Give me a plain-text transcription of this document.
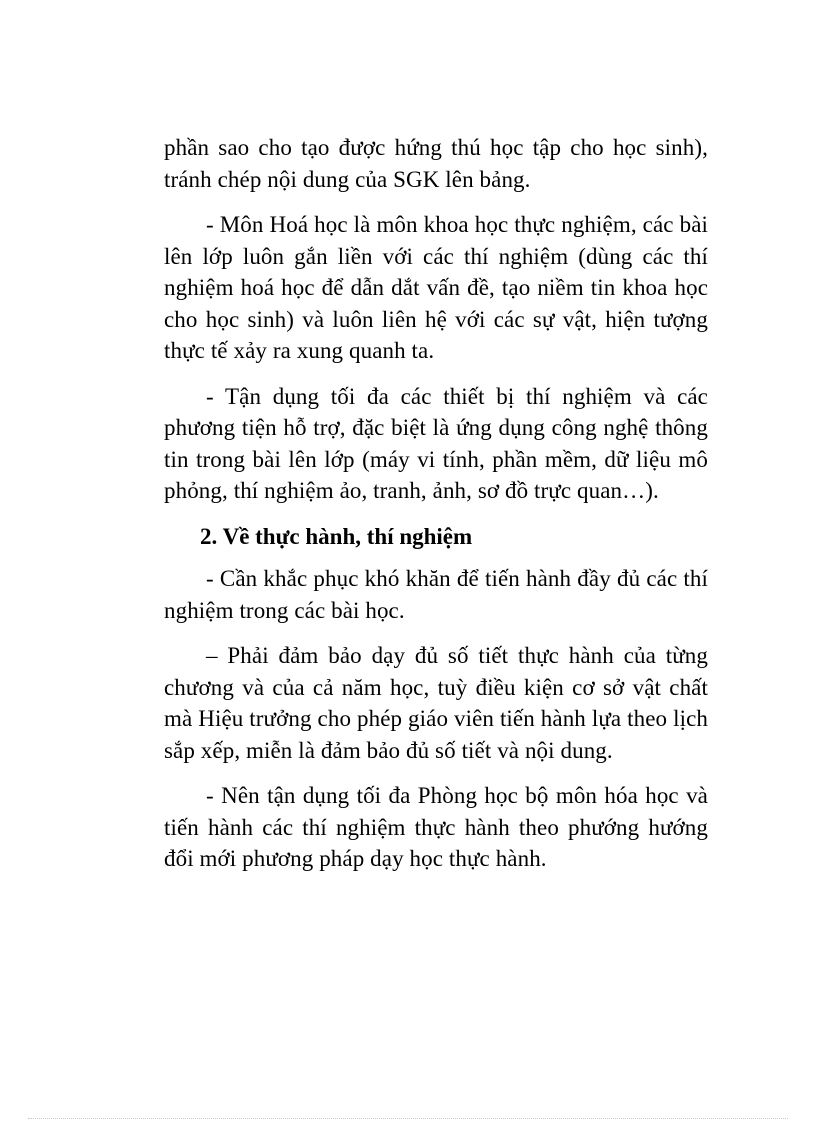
phần sao cho tạo được hứng thú học tập cho học sinh), tránh chép nội dung của SGK lên bảng.

- Môn Hoá học là môn khoa học thực nghiệm, các bài lên lớp luôn gắn liền với các thí nghiệm (dùng các thí nghiệm hoá học để dẫn dắt vấn đề, tạo niềm tin khoa học cho học sinh) và luôn liên hệ với các sự vật, hiện tượng thực tế xảy ra xung quanh ta.

- Tận dụng tối đa các thiết bị thí nghiệm và các phương tiện hỗ trợ, đặc biệt là ứng dụng công nghệ thông tin trong bài lên lớp (máy vi tính, phần mềm, dữ liệu mô phỏng, thí nghiệm ảo, tranh, ảnh, sơ đồ trực quan…).

2. Về thực hành, thí nghiệm

- Cần khắc phục khó khăn để tiến hành đầy đủ các thí nghiệm trong các bài học.

– Phải đảm bảo dạy đủ số tiết thực hành của từng chương và của cả năm học, tuỳ điều kiện cơ sở vật chất mà Hiệu trưởng cho phép giáo viên tiến hành lựa theo lịch sắp xếp, miễn là đảm bảo đủ số tiết và nội dung.

- Nên tận dụng tối đa Phòng học bộ môn hóa học và tiến hành các thí nghiệm thực hành theo phướng hướng đổi mới phương pháp dạy học thực hành.
